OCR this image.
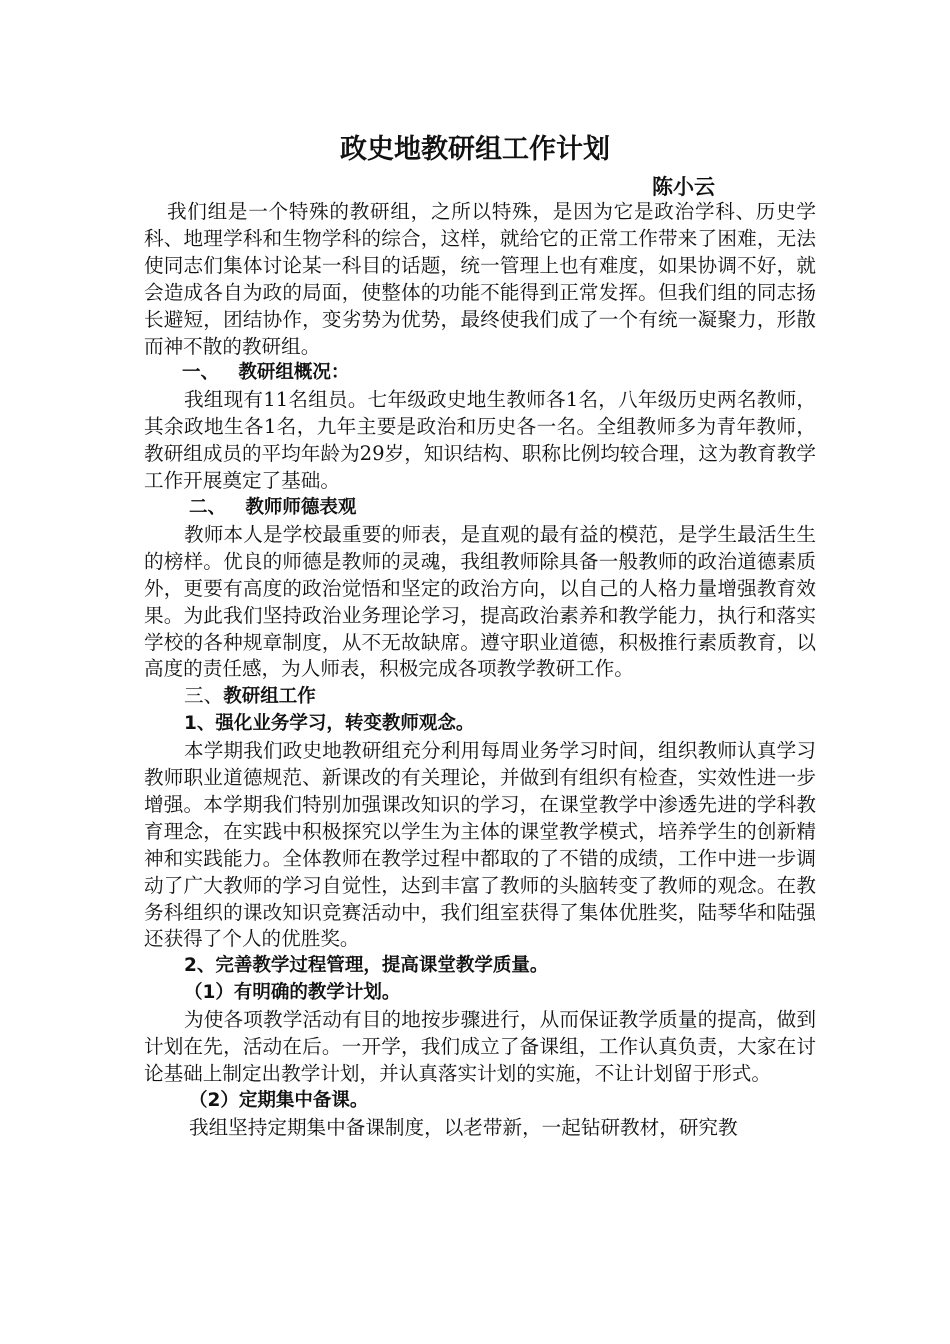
政史地教研组工作计划
陈小云

我们组是一个特殊的教研组，之所以特殊，是因为它是政治学科、历史学科、地理学科和生物学科的综合，这样，就给它的正常工作带来了困难，无法使同志们集体讨论某一科目的话题，统一管理上也有难度，如果协调不好，就会造成各自为政的局面，使整体的功能不能得到正常发挥。但我们组的同志扬长避短，团结协作，变劣势为优势，最终使我们成了一个有统一凝聚力，形散而神不散的教研组。

一、 教研组概况：

我组现有11名组员。七年级政史地生教师各1名，八年级历史两名教师，其余政地生各1名，九年主要是政治和历史各一名。全组教师多为青年教师，教研组成员的平均年龄为29岁，知识结构、职称比例均较合理，这为教育教学工作开展奠定了基础。

二、 教师师德表观

教师本人是学校最重要的师表，是直观的最有益的模范，是学生最活生生的榜样。优良的师德是教师的灵魂，我组教师除具备一般教师的政治道德素质外，更要有高度的政治觉悟和坚定的政治方向，以自己的人格力量增强教育效果。为此我们坚持政治业务理论学习，提高政治素养和教学能力，执行和落实学校的各种规章制度，从不无故缺席。遵守职业道德，积极推行素质教育，以高度的责任感，为人师表，积极完成各项教学教研工作。

三、教研组工作

1、强化业务学习，转变教师观念。

本学期我们政史地教研组充分利用每周业务学习时间，组织教师认真学习教师职业道德规范、新课改的有关理论，并做到有组织有检查，实效性进一步增强。本学期我们特别加强课改知识的学习，在课堂教学中渗透先进的学科教育理念，在实践中积极探究以学生为主体的课堂教学模式，培养学生的创新精神和实践能力。全体教师在教学过程中都取的了不错的成绩，工作中进一步调动了广大教师的学习自觉性，达到丰富了教师的头脑转变了教师的观念。在教务科组织的课改知识竞赛活动中，我们组室获得了集体优胜奖，陆琴华和陆强还获得了个人的优胜奖。

2、完善教学过程管理，提高课堂教学质量。

（1）有明确的教学计划。

为使各项教学活动有目的地按步骤进行，从而保证教学质量的提高，做到计划在先，活动在后。一开学，我们成立了备课组，工作认真负责，大家在讨论基础上制定出教学计划，并认真落实计划的实施，不让计划留于形式。

（2）定期集中备课。

我组坚持定期集中备课制度，以老带新，一起钻研教材，研究教
